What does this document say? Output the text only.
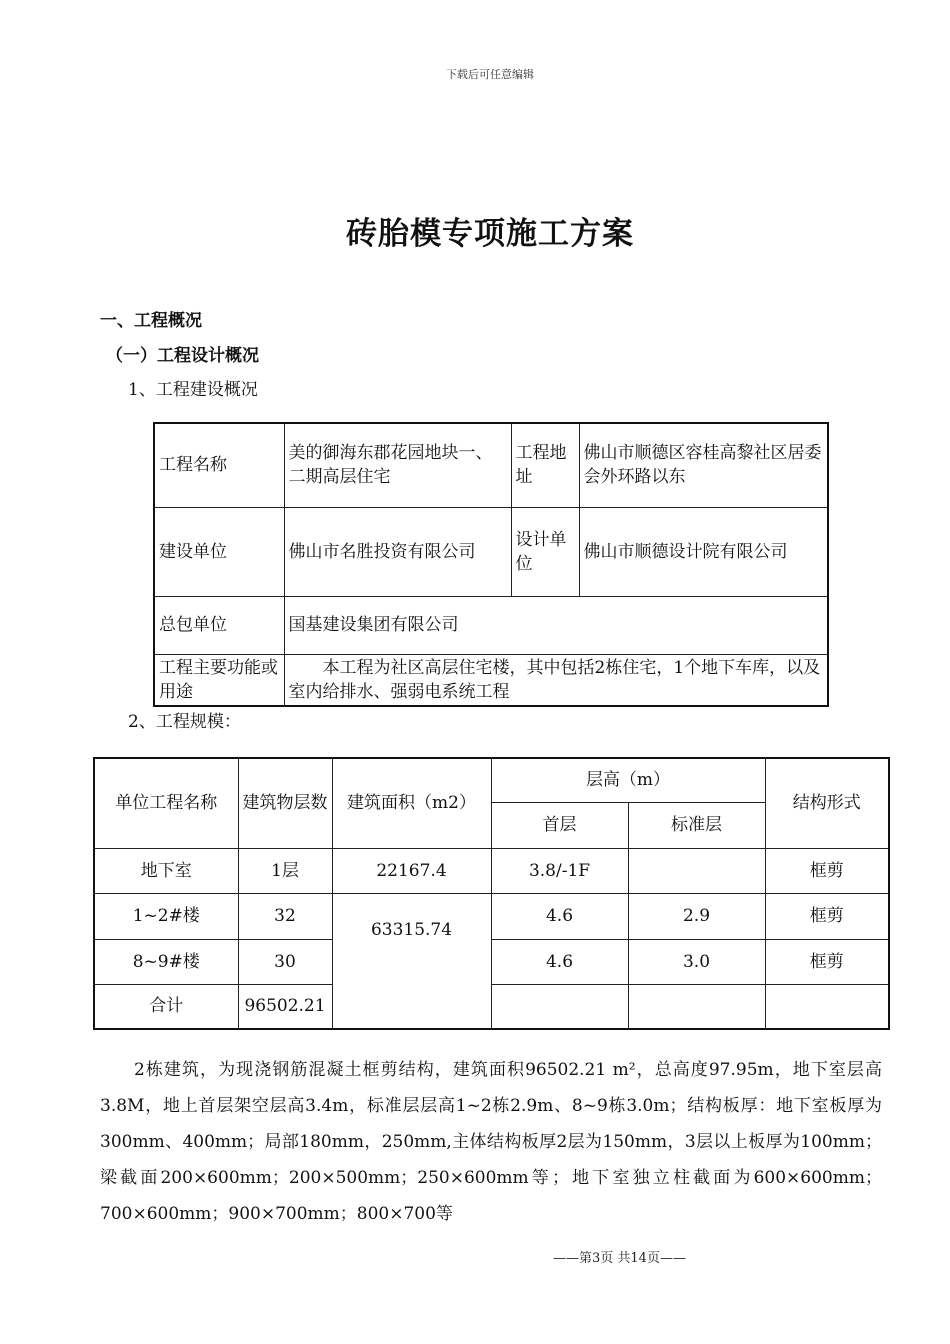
下载后可任意编辑
砖胎模专项施工方案
一、工程概况
（一）工程设计概况
1、工程建设概况
工程名称	美的御海东郡花园地块一、二期高层住宅	工程地址	佛山市顺德区容桂高黎社区居委会外环路以东
建设单位	佛山市名胜投资有限公司	设计单位	佛山市顺德设计院有限公司
总包单位	国基建设集团有限公司		
工程主要功能或用途	本工程为社区高层住宅楼，其中包括2栋住宅，1个地下车库，以及室内给排水、强弱电系统工程		
2、工程规模：
单位工程名称	建筑物层数	建筑面积（m2）	层高（m）		结构形式
			首层	标准层	
地下室	1层	22167.4	3.8/-1F		框剪
1~2#楼	32	63315.74	4.6	2.9	框剪
8~9#楼	30		4.6	3.0	框剪
合计	96502.21				
2栋建筑，为现浇钢筋混凝土框剪结构，建筑面积96502.21 m²，总高度97.95m，地下室层高3.8M，地上首层架空层高3.4m，标准层层高1~2栋2.9m、8~9栋3.0m；结构板厚：地下室板厚为300mm、400mm；局部180mm，250mm,主体结构板厚2层为150mm，3层以上板厚为100mm；梁截面200×600mm；200×500mm；250×600mm等；地下室独立柱截面为600×600mm；700×600mm；900×700mm；800×700等
——第3页 共14页——
